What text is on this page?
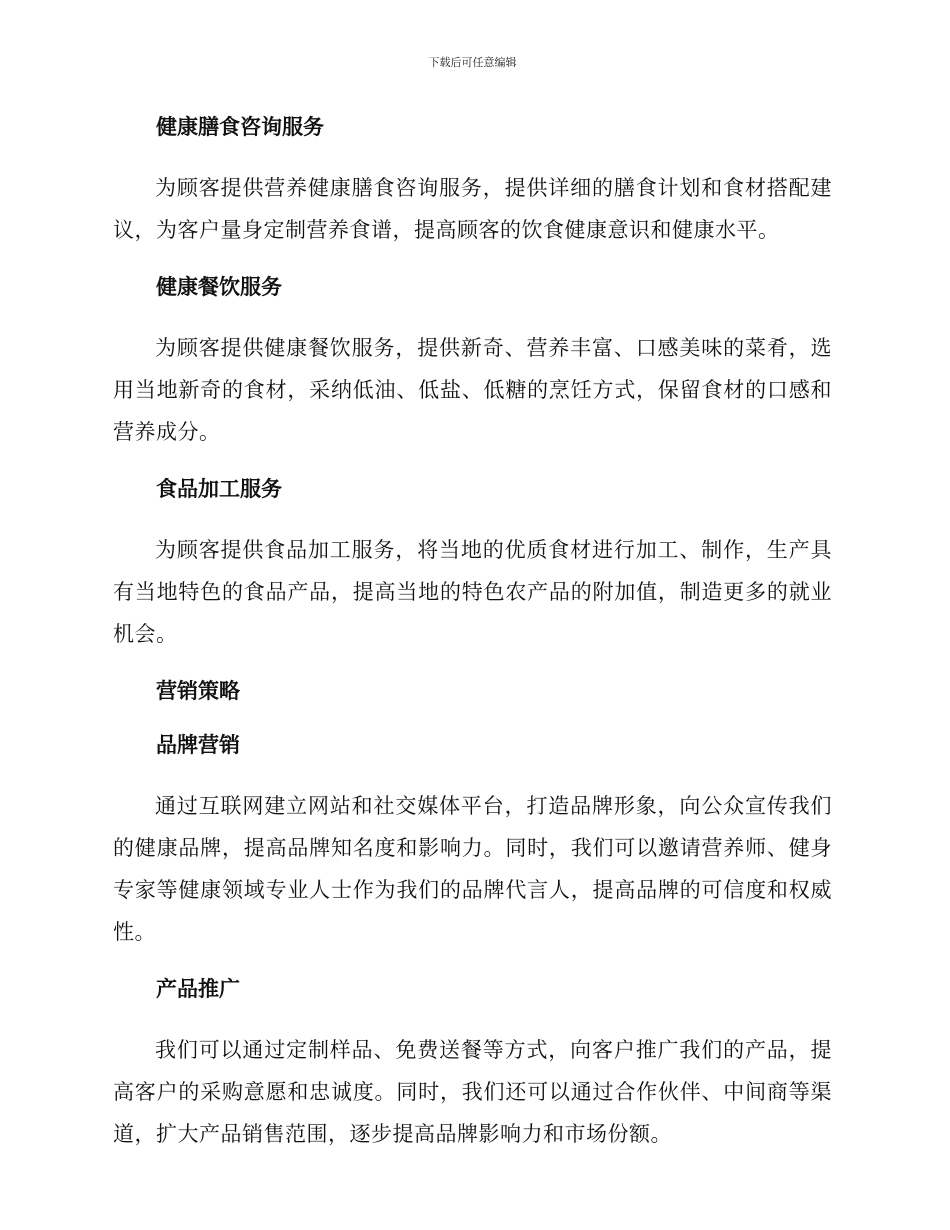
下载后可任意编辑
健康膳食咨询服务

为顾客提供营养健康膳食咨询服务，提供详细的膳食计划和食材搭配建议，为客户量身定制营养食谱，提高顾客的饮食健康意识和健康水平。

健康餐饮服务

为顾客提供健康餐饮服务，提供新奇、营养丰富、口感美味的菜肴，选用当地新奇的食材，采纳低油、低盐、低糖的烹饪方式，保留食材的口感和营养成分。

食品加工服务

为顾客提供食品加工服务，将当地的优质食材进行加工、制作，生产具有当地特色的食品产品，提高当地的特色农产品的附加值，制造更多的就业机会。

营销策略
品牌营销

通过互联网建立网站和社交媒体平台，打造品牌形象，向公众宣传我们的健康品牌，提高品牌知名度和影响力。同时，我们可以邀请营养师、健身专家等健康领域专业人士作为我们的品牌代言人，提高品牌的可信度和权威性。

产品推广

我们可以通过定制样品、免费送餐等方式，向客户推广我们的产品，提高客户的采购意愿和忠诚度。同时，我们还可以通过合作伙伴、中间商等渠道，扩大产品销售范围，逐步提高品牌影响力和市场份额。
